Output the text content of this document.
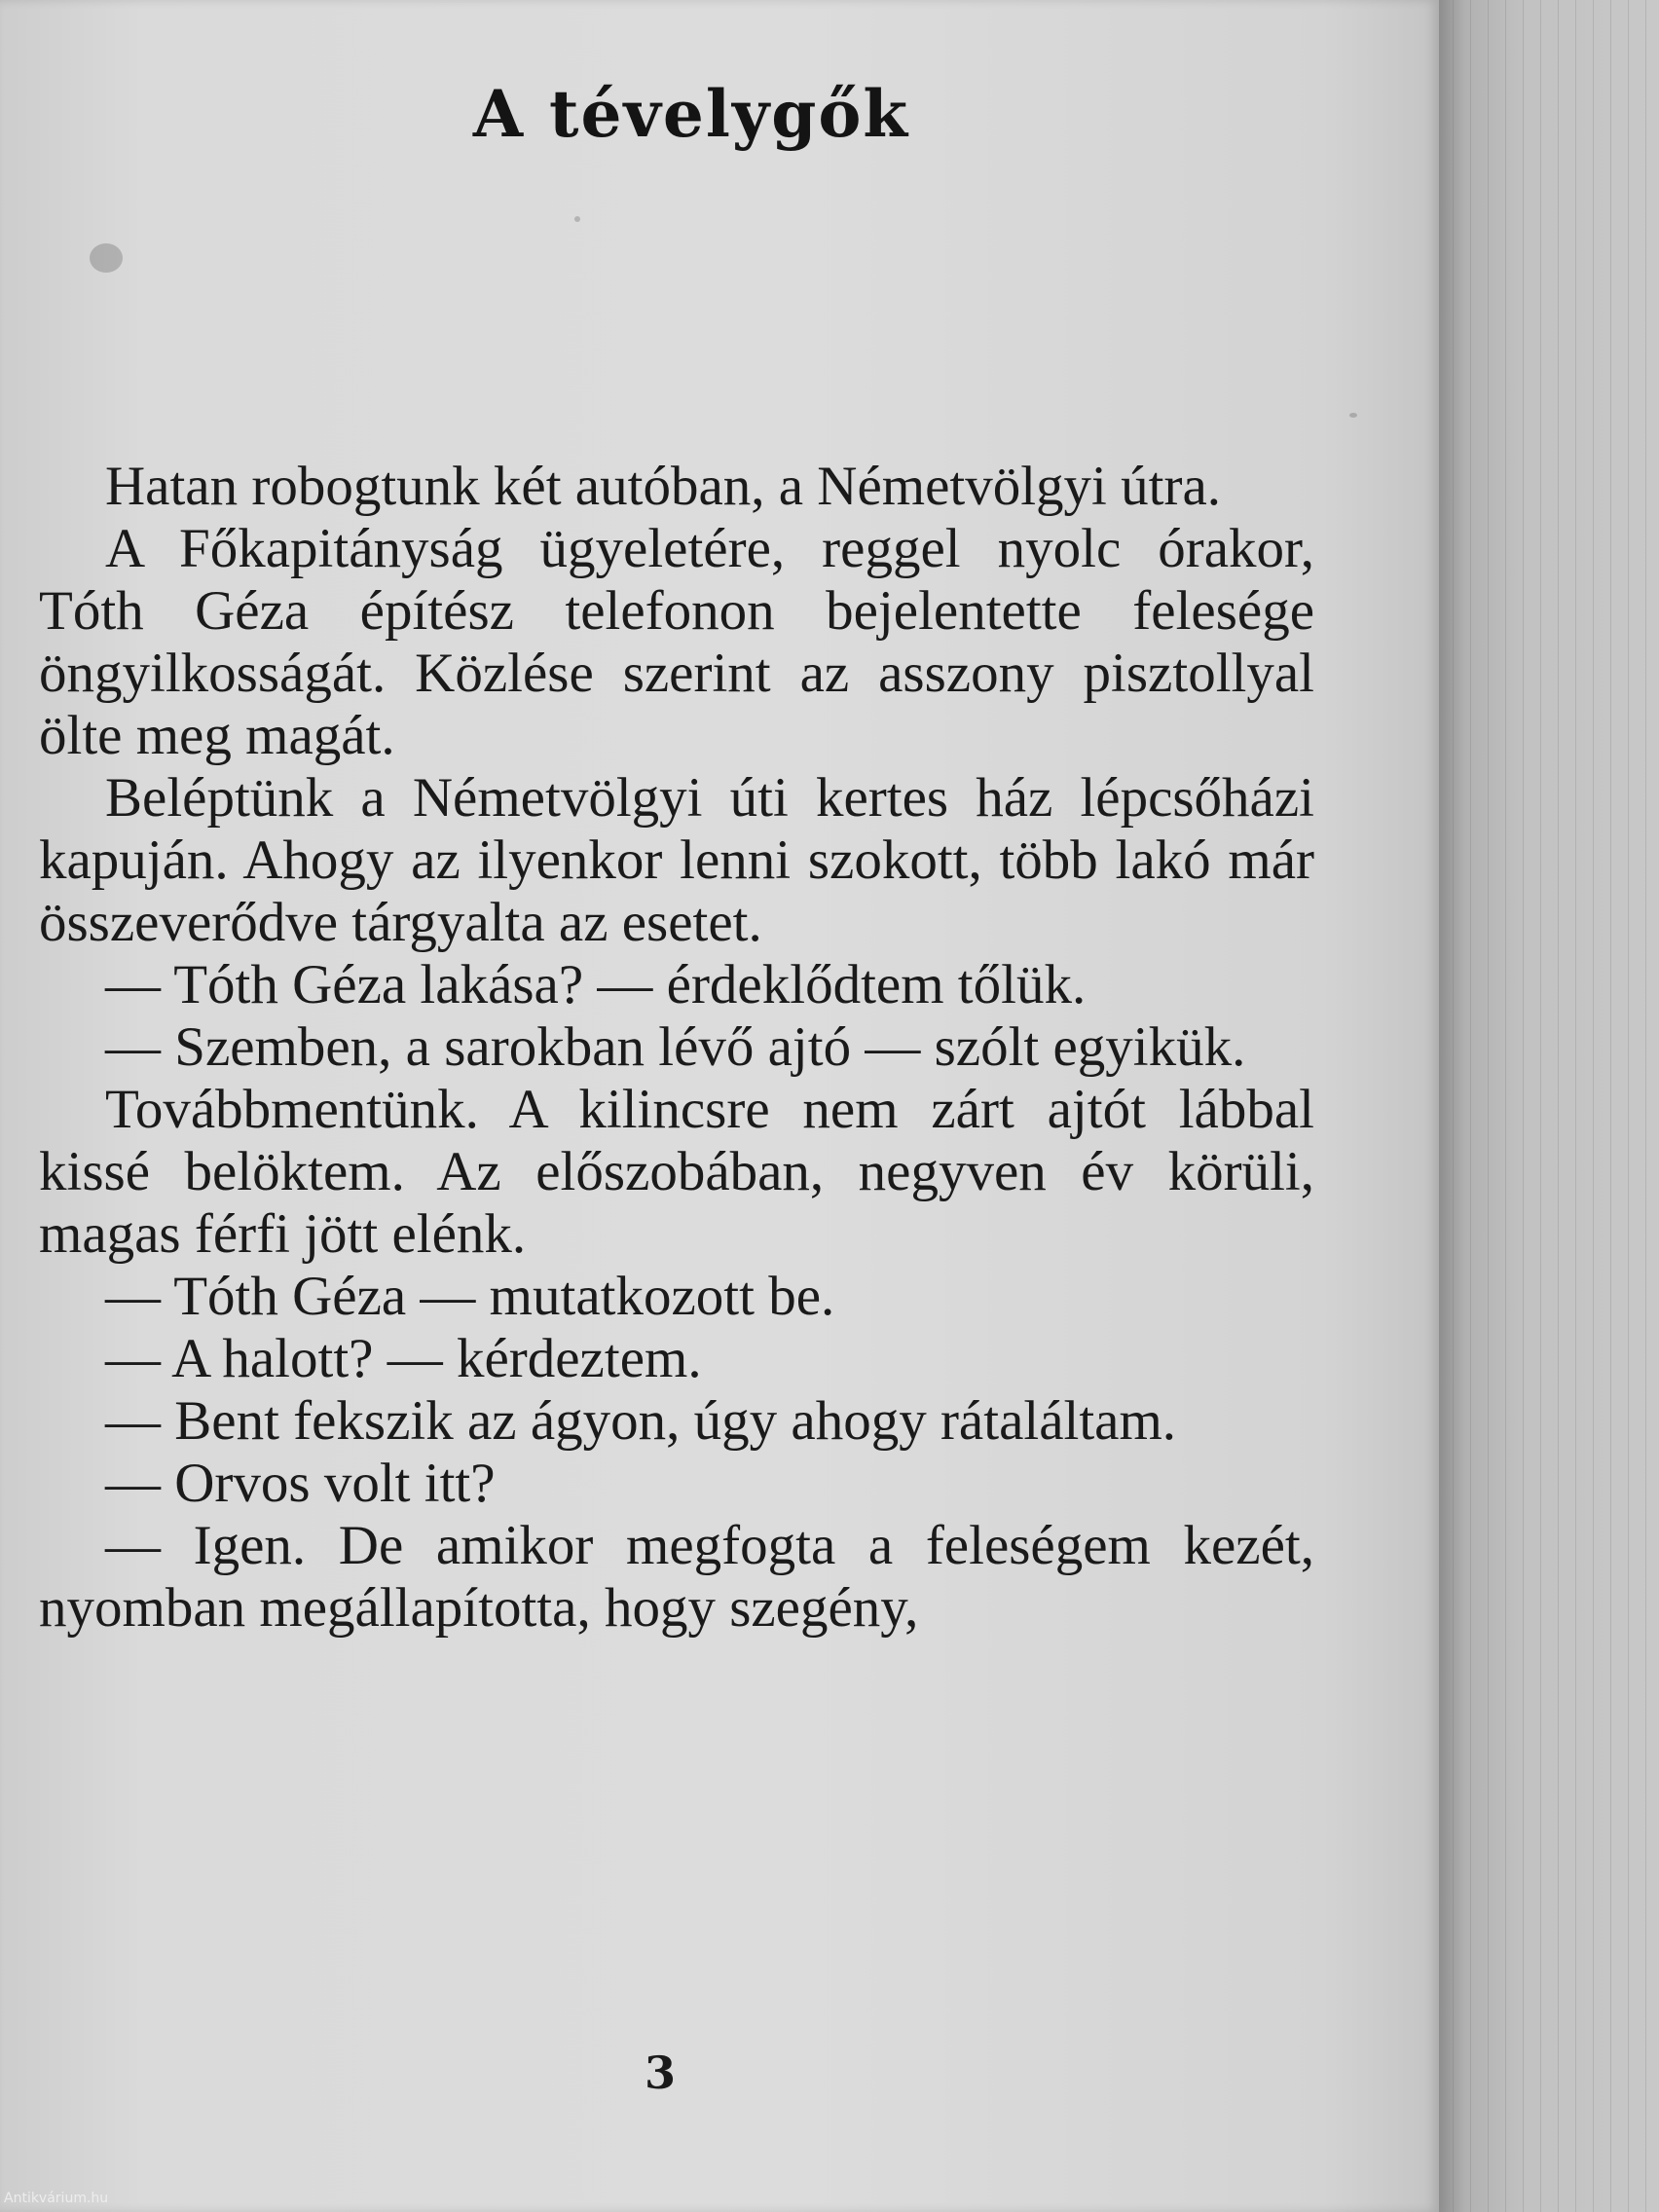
A tévelygők

Hatan robogtunk két autóban, a Németvölgyi útra.

A Főkapitányság ügyeletére, reggel nyolc órakor, Tóth Géza építész telefonon bejelentette felesége öngyilkosságát. Közlése szerint az asszony pisztollyal ölte meg magát.

Beléptünk a Németvölgyi úti kertes ház lépcsőházi kapuján. Ahogy az ilyenkor lenni szokott, több lakó már összeverődve tárgyalta az esetet.

— Tóth Géza lakása? — érdeklődtem tőlük.

— Szemben, a sarokban lévő ajtó — szólt egyikük.

Továbbmentünk. A kilincsre nem zárt ajtót lábbal kissé belöktem. Az előszobában, negyven év körüli, magas férfi jött elénk.

— Tóth Géza — mutatkozott be.

— A halott? — kérdeztem.

— Bent fekszik az ágyon, úgy ahogy rátaláltam.

— Orvos volt itt?

— Igen. De amikor megfogta a feleségem kezét, nyomban megállapította, hogy szegény,

3
Antikvárium.hu
